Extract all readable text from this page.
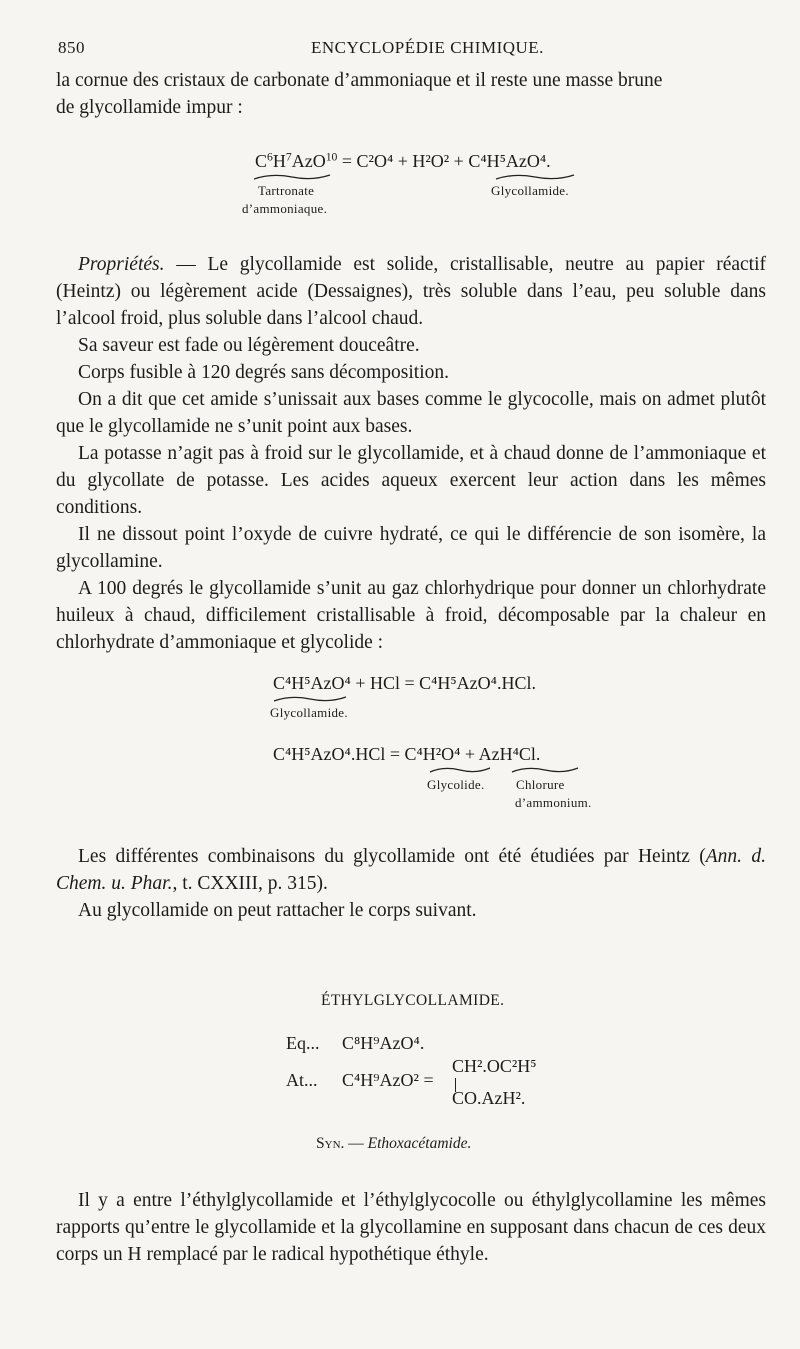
850	ENCYCLOPÉDIE CHIMIQUE.
la cornue des cristaux de carbonate d’ammoniaque et il reste une masse brune
de glycollamide impur :
$C^6H^7AzO^{10} = C^2O^4 + H^2O^2 + C^4H^5AzO^4$.
Tartronate
d’ammoniaque.
Glycollamide.
Propriétés. — Le glycollamide est solide, cristallisable, neutre au papier réactif (Heintz) ou légèrement acide (Dessaignes), très soluble dans l’eau, peu soluble dans l’alcool froid, plus soluble dans l’alcool chaud.
Sa saveur est fade ou légèrement douceâtre.
Corps fusible à 120 degrés sans décomposition.
On a dit que cet amide s’unissait aux bases comme le glycocolle, mais on admet plutôt que le glycollamide ne s’unit point aux bases.
La potasse n’agit pas à froid sur le glycollamide, et à chaud donne de l’ammoniaque et du glycollate de potasse. Les acides aqueux exercent leur action dans les mêmes conditions.
Il ne dissout point l’oxyde de cuivre hydraté, ce qui le différencie de son isomère, la glycollamine.
A 100 degrés le glycollamide s’unit au gaz chlorhydrique pour donner un chlorhydrate huileux à chaud, difficilement cristallisable à froid, décomposable par la chaleur en chlorhydrate d’ammoniaque et glycolide :
C⁴H⁵AzO⁴ + HCl = C⁴H⁵AzO⁴.HCl.
Glycollamide.
C⁴H⁵AzO⁴.HCl = C⁴H²O⁴ + AzH⁴Cl.
Glycolide. Chlorure
d’ammonium.
Les différentes combinaisons du glycollamide ont été étudiées par Heintz (Ann. d. Chem. u. Phar., t. CXXIII, p. 315).
Au glycollamide on peut rattacher le corps suivant.
ÉTHYLGLYCOLLAMIDE.
Eq... C⁸H⁹AzO⁴.
CH².OC²H⁵
At... C⁴H⁹AzO² =
CO.AzH².
Syn. — Ethoxacétamide.
Il y a entre l’éthylglycollamide et l’éthylglycocolle ou éthylglycollamine les mêmes rapports qu’entre le glycollamide et la glycollamine en supposant dans chacun de ces deux corps un H remplacé par le radical hypothétique éthyle.
